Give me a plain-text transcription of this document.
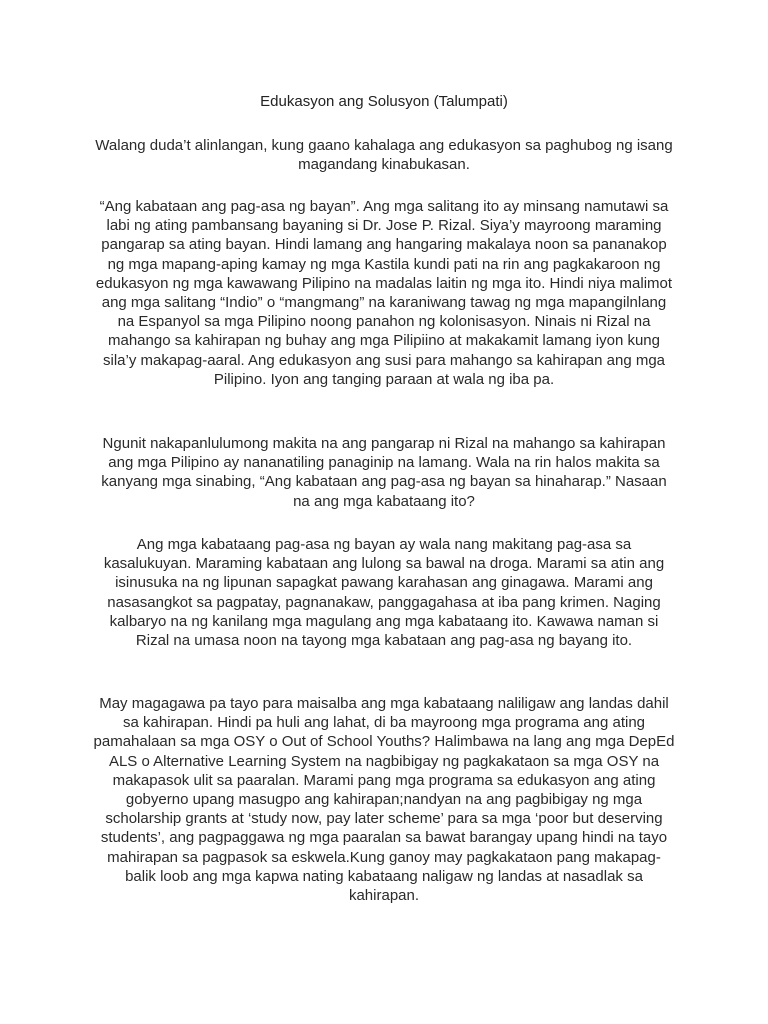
Edukasyon ang Solusyon (Talumpati)

Walang duda’t alinlangan, kung gaano kahalaga ang edukasyon sa paghubog ng isang magandang kinabukasan.

“Ang kabataan ang pag-asa ng bayan”. Ang mga salitang ito ay minsang namutawi sa labi ng ating pambansang bayaning si Dr. Jose P. Rizal. Siya’y mayroong maraming pangarap sa ating bayan. Hindi lamang ang hangaring makalaya noon sa pananakop ng mga mapang-aping kamay ng mga Kastila kundi pati na rin ang pagkakaroon ng edukasyon ng mga kawawang Pilipino na madalas laitin ng mga ito. Hindi niya malimot ang mga salitang “Indio” o “mangmang” na karaniwang tawag ng mga mapangilnlang na Espanyol sa mga Pilipino noong panahon ng kolonisasyon. Ninais ni Rizal na mahango sa kahirapan ng buhay ang mga Pilipiino at makakamit lamang iyon kung sila’y makapag-aaral. Ang edukasyon ang susi para mahango sa kahirapan ang mga Pilipino. Iyon ang tanging paraan at wala ng iba pa.

Ngunit nakapanlulumong makita na ang pangarap ni Rizal na mahango sa kahirapan ang mga Pilipino ay nananatiling panaginip na lamang. Wala na rin halos makita sa kanyang mga sinabing, “Ang kabataan ang pag-asa ng bayan sa hinaharap.” Nasaan na ang mga kabataang ito?

Ang mga kabataang pag-asa ng bayan ay wala nang makitang pag-asa sa kasalukuyan. Maraming kabataan ang lulong sa bawal na droga. Marami sa atin ang isinusuka na ng lipunan sapagkat pawang karahasan ang ginagawa. Marami ang nasasangkot sa pagpatay, pagnanakaw, panggagahasa at iba pang krimen. Naging kalbaryo na ng kanilang mga magulang ang mga kabataang ito. Kawawa naman si Rizal na umasa noon na tayong mga kabataan ang pag-asa ng bayang ito.

May magagawa pa tayo para maisalba ang mga kabataang naliligaw ang landas dahil sa kahirapan. Hindi pa huli ang lahat, di ba mayroong mga programa ang ating pamahalaan sa mga OSY o Out of School Youths? Halimbawa na lang ang mga DepEd ALS o Alternative Learning System na nagbibigay ng pagkakataon sa mga OSY na makapasok ulit sa paaralan. Marami pang mga programa sa edukasyon ang ating gobyerno upang masugpo ang kahirapan;nandyan na ang pagbibigay ng mga scholarship grants at ‘study now, pay later scheme’ para sa mga ‘poor but deserving students’, ang pagpaggawa ng mga paaralan sa bawat barangay upang hindi na tayo mahirapan sa pagpasok sa eskwela.Kung ganoy may pagkakataon pang makapag-balik loob ang mga kapwa nating kabataang naligaw ng landas at nasadlak sa kahirapan.
